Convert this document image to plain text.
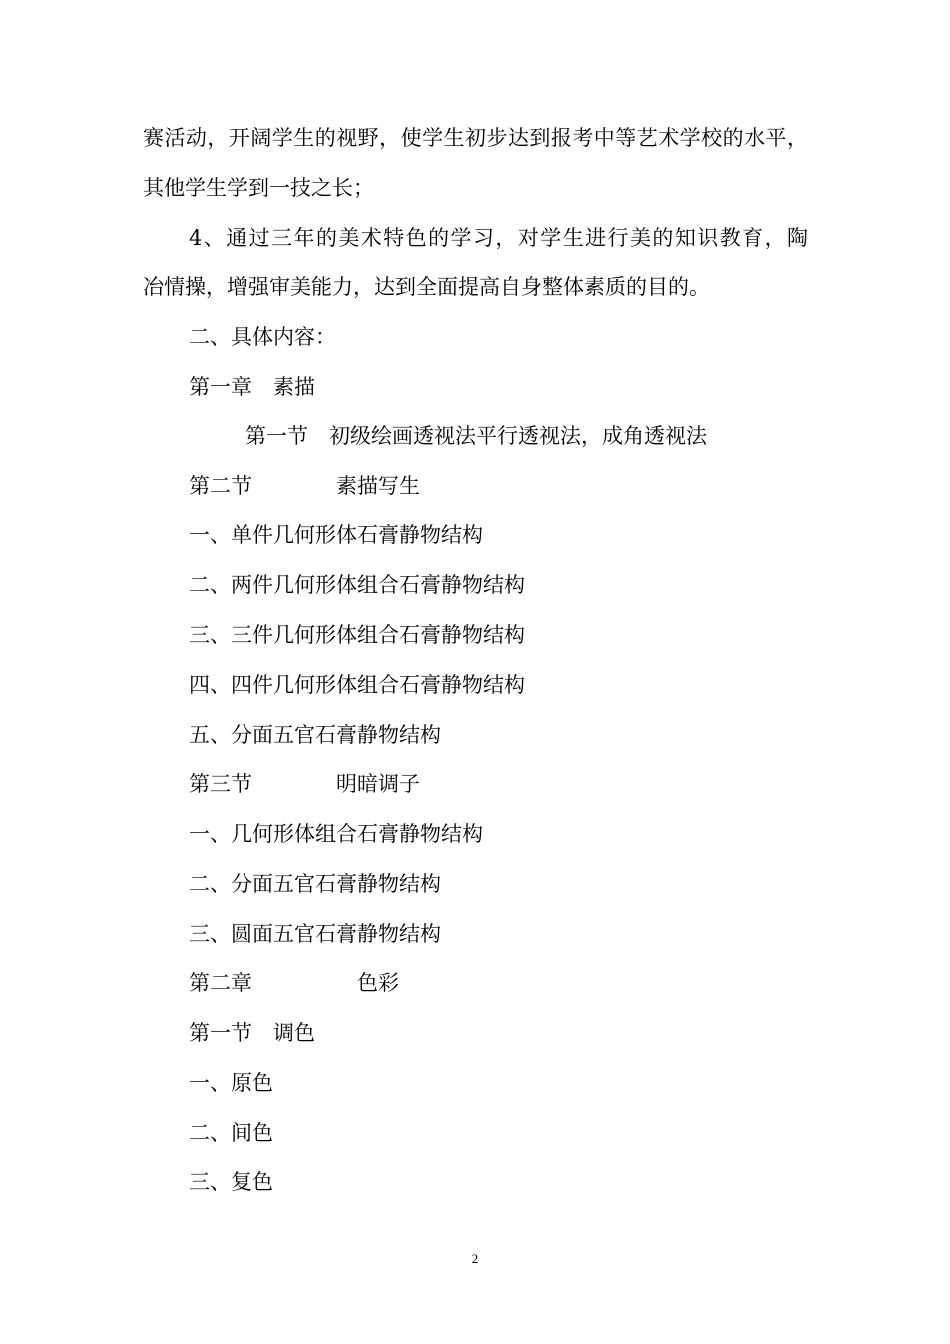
赛活动，开阔学生的视野，使学生初步达到报考中等艺术学校的水平，
其他学生学到一技之长；
4、通过三年的美术特色的学习，对学生进行美的知识教育，陶
冶情操，增强审美能力，达到全面提高自身整体素质的目的。
二、具体内容：
第一章　素描
第一节　初级绘画透视法平行透视法，成角透视法
第二节　　　　素描写生
一、单件几何形体石膏静物结构
二、两件几何形体组合石膏静物结构
三、三件几何形体组合石膏静物结构
四、四件几何形体组合石膏静物结构
五、分面五官石膏静物结构
第三节　　　　明暗调子
一、几何形体组合石膏静物结构
二、分面五官石膏静物结构
三、圆面五官石膏静物结构
第二章　　　　　色彩
第一节　调色
一、原色
二、间色
三、复色
2
